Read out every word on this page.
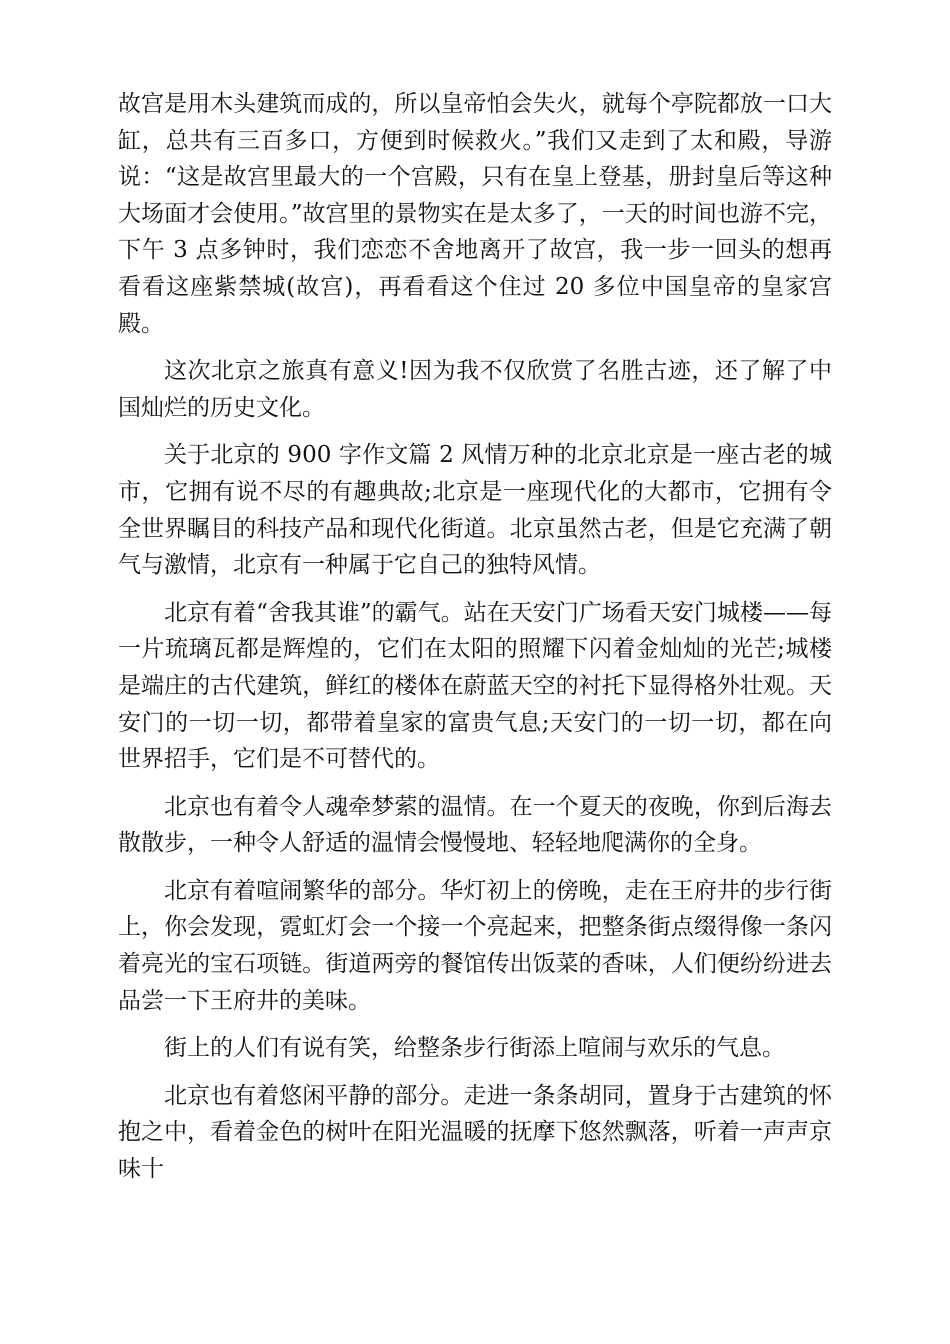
故宫是用木头建筑而成的，所以皇帝怕会失火，就每个亭院都放一口大缸，总共有三百多口，方便到时候救火。”我们又走到了太和殿，导游说：“这是故宫里最大的一个宫殿，只有在皇上登基，册封皇后等这种大场面才会使用。”故宫里的景物实在是太多了，一天的时间也游不完，下午 3 点多钟时，我们恋恋不舍地离开了故宫，我一步一回头的想再看看这座紫禁城(故宫)，再看看这个住过 20 多位中国皇帝的皇家宫殿。

这次北京之旅真有意义!因为我不仅欣赏了名胜古迹，还了解了中国灿烂的历史文化。

关于北京的 900 字作文篇 2 风情万种的北京北京是一座古老的城市，它拥有说不尽的有趣典故;北京是一座现代化的大都市，它拥有令全世界瞩目的科技产品和现代化街道。北京虽然古老，但是它充满了朝气与激情，北京有一种属于它自己的独特风情。

北京有着“舍我其谁”的霸气。站在天安门广场看天安门城楼——每一片琉璃瓦都是辉煌的，它们在太阳的照耀下闪着金灿灿的光芒;城楼是端庄的古代建筑，鲜红的楼体在蔚蓝天空的衬托下显得格外壮观。天安门的一切一切，都带着皇家的富贵气息;天安门的一切一切，都在向世界招手，它们是不可替代的。

北京也有着令人魂牵梦萦的温情。在一个夏天的夜晚，你到后海去散散步，一种令人舒适的温情会慢慢地、轻轻地爬满你的全身。

北京有着喧闹繁华的部分。华灯初上的傍晚，走在王府井的步行街上，你会发现，霓虹灯会一个接一个亮起来，把整条街点缀得像一条闪着亮光的宝石项链。街道两旁的餐馆传出饭菜的香味，人们便纷纷进去品尝一下王府井的美味。

街上的人们有说有笑，给整条步行街添上喧闹与欢乐的气息。

北京也有着悠闲平静的部分。走进一条条胡同，置身于古建筑的怀抱之中，看着金色的树叶在阳光温暖的抚摩下悠然飘落，听着一声声京味十
